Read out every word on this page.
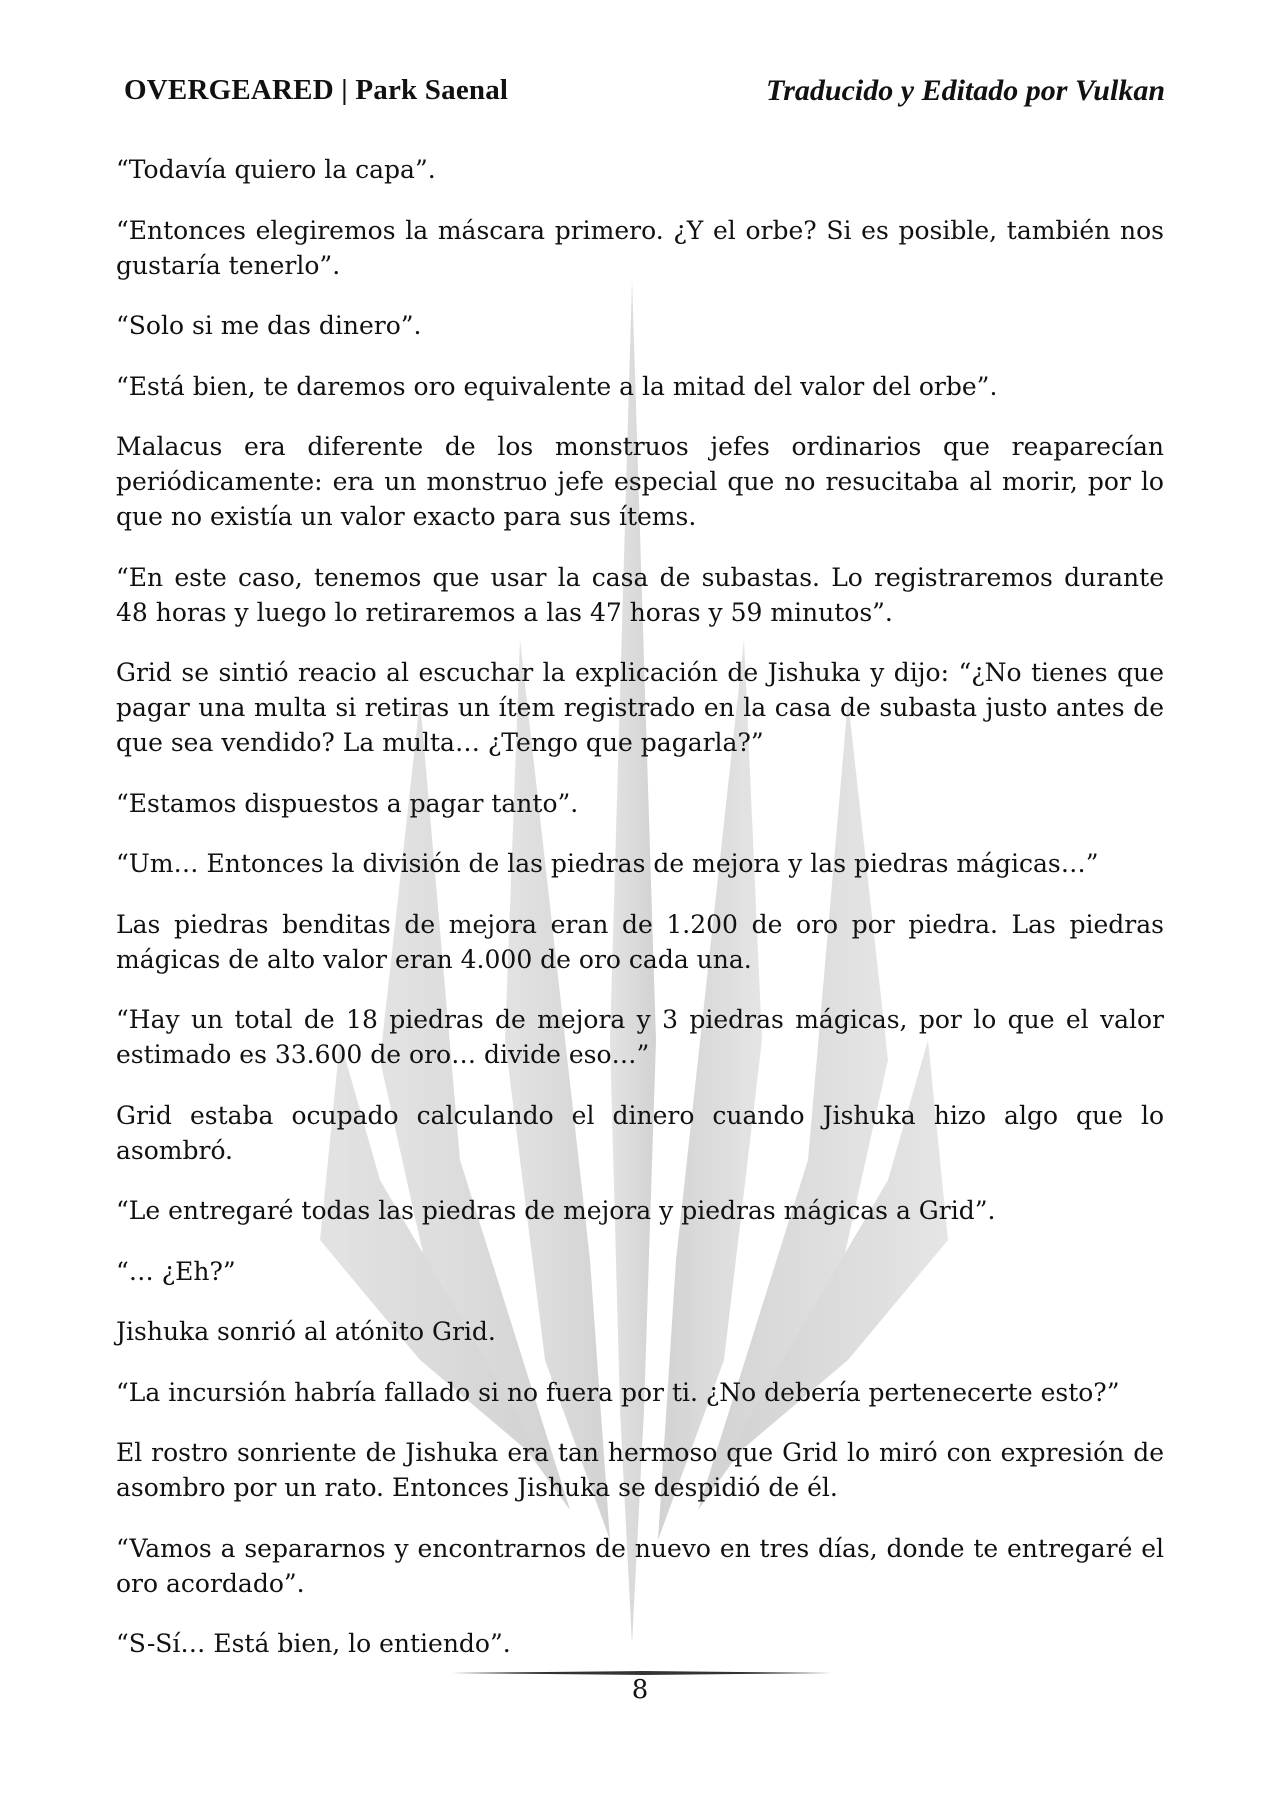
OVERGEARED | Park Saenal	Traducido y Editado por Vulkan

“Todavía quiero la capa”.

“Entonces elegiremos la máscara primero. ¿Y el orbe? Si es posible, también nos gustaría tenerlo”.

“Solo si me das dinero”.

“Está bien, te daremos oro equivalente a la mitad del valor del orbe”.

Malacus era diferente de los monstruos jefes ordinarios que reaparecían periódicamente: era un monstruo jefe especial que no resucitaba al morir, por lo que no existía un valor exacto para sus ítems.

“En este caso, tenemos que usar la casa de subastas. Lo registraremos durante 48 horas y luego lo retiraremos a las 47 horas y 59 minutos”.

Grid se sintió reacio al escuchar la explicación de Jishuka y dijo: “¿No tienes que pagar una multa si retiras un ítem registrado en la casa de subasta justo antes de que sea vendido? La multa… ¿Tengo que pagarla?”

“Estamos dispuestos a pagar tanto”.

“Um… Entonces la división de las piedras de mejora y las piedras mágicas…”

Las piedras benditas de mejora eran de 1.200 de oro por piedra. Las piedras mágicas de alto valor eran 4.000 de oro cada una.

“Hay un total de 18 piedras de mejora y 3 piedras mágicas, por lo que el valor estimado es 33.600 de oro… divide eso…”

Grid estaba ocupado calculando el dinero cuando Jishuka hizo algo que lo asombró.

“Le entregaré todas las piedras de mejora y piedras mágicas a Grid”.

“… ¿Eh?”

Jishuka sonrió al atónito Grid.

“La incursión habría fallado si no fuera por ti. ¿No debería pertenecerte esto?”

El rostro sonriente de Jishuka era tan hermoso que Grid lo miró con expresión de asombro por un rato. Entonces Jishuka se despidió de él.

“Vamos a separarnos y encontrarnos de nuevo en tres días, donde te entregaré el oro acordado”.

“S-Sí… Está bien, lo entiendo”.

8
